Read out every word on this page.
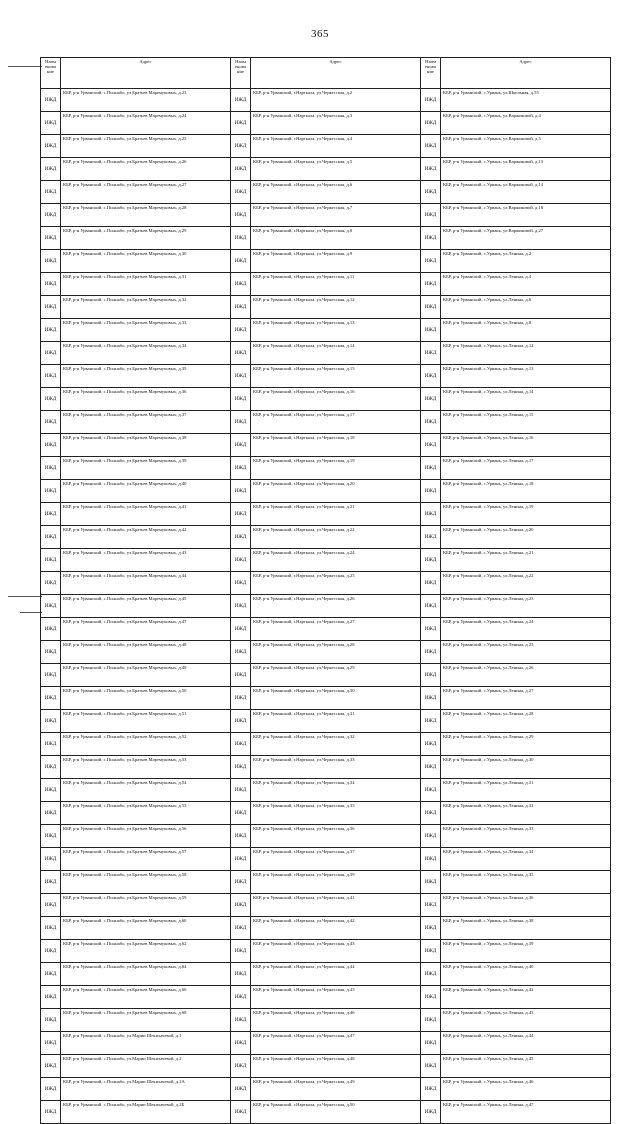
365
Наим енова ние	Адрес	Наим енова ние	Адрес	Наим енова ние	Адрес
ИЖД	КБР, р-н Урванский, с.Псынабо, ул.Братьев Маремуковых, д.23	ИЖД	КБР, р-н Урванский, г.Нарткала, ул.Черкесская, д.2	ИЖД	КБР, р-н Урванский, с.Урвань, ул.Школьная, д.55
ИЖД	КБР, р-н Урванский, с.Псынабо, ул.Братьев Маремуковых, д.24	ИЖД	КБР, р-н Урванский, г.Нарткала, ул.Черкесская, д.3	ИЖД	КБР, р-н Урванский, с.Урвань, ул.Варжиковой, д.4
ИЖД	КБР, р-н Урванский, с.Псынабо, ул.Братьев Маремуковых, д.25	ИЖД	КБР, р-н Урванский, г.Нарткала, ул.Черкесская, д.4	ИЖД	КБР, р-н Урванский, с.Урвань, ул.Варжиковой, д.5
ИЖД	КБР, р-н Урванский, с.Псынабо, ул.Братьев Маремуковых, д.26	ИЖД	КБР, р-н Урванский, г.Нарткала, ул.Черкесская, д.5	ИЖД	КБР, р-н Урванский, с.Урвань, ул.Варжиковой, д.13
ИЖД	КБР, р-н Урванский, с.Псынабо, ул.Братьев Маремуковых, д.27	ИЖД	КБР, р-н Урванский, г.Нарткала, ул.Черкесская, д.6	ИЖД	КБР, р-н Урванский, с.Урвань, ул.Варжиковой, д.14
ИЖД	КБР, р-н Урванский, с.Псынабо, ул.Братьев Маремуковых, д.28	ИЖД	КБР, р-н Урванский, г.Нарткала, ул.Черкесская, д.7	ИЖД	КБР, р-н Урванский, с.Урвань, ул.Варжиковой, д.18
ИЖД	КБР, р-н Урванский, с.Псынабо, ул.Братьев Маремуковых, д.29	ИЖД	КБР, р-н Урванский, г.Нарткала, ул.Черкесская, д.8	ИЖД	КБР, р-н Урванский, с.Урвань, ул.Варжиковой, д.27
ИЖД	КБР, р-н Урванский, с.Псынабо, ул.Братьев Маремуковых, д.30	ИЖД	КБР, р-н Урванский, г.Нарткала, ул.Черкесская, д.9	ИЖД	КБР, р-н Урванский, с.Урвань, ул.Ленина, д.2
ИЖД	КБР, р-н Урванский, с.Псынабо, ул.Братьев Маремуковых, д.31	ИЖД	КБР, р-н Урванский, г.Нарткала, ул.Черкесская, д.11	ИЖД	КБР, р-н Урванский, с.Урвань, ул.Ленина, д.4
ИЖД	КБР, р-н Урванский, с.Псынабо, ул.Братьев Маремуковых, д.32	ИЖД	КБР, р-н Урванский, г.Нарткала, ул.Черкесская, д.12	ИЖД	КБР, р-н Урванский, с.Урвань, ул.Ленина, д.6
ИЖД	КБР, р-н Урванский, с.Псынабо, ул.Братьев Маремуковых, д.33	ИЖД	КБР, р-н Урванский, г.Нарткала, ул.Черкесская, д.13	ИЖД	КБР, р-н Урванский, с.Урвань, ул.Ленина, д.8
ИЖД	КБР, р-н Урванский, с.Псынабо, ул.Братьев Маремуковых, д.34	ИЖД	КБР, р-н Урванский, г.Нарткала, ул.Черкесская, д.14	ИЖД	КБР, р-н Урванский, с.Урвань, ул.Ленина, д.12
ИЖД	КБР, р-н Урванский, с.Псынабо, ул.Братьев Маремуковых, д.35	ИЖД	КБР, р-н Урванский, г.Нарткала, ул.Черкесская, д.15	ИЖД	КБР, р-н Урванский, с.Урвань, ул.Ленина, д.13
ИЖД	КБР, р-н Урванский, с.Псынабо, ул.Братьев Маремуковых, д.36	ИЖД	КБР, р-н Урванский, г.Нарткала, ул.Черкесская, д.16	ИЖД	КБР, р-н Урванский, с.Урвань, ул.Ленина, д.14
ИЖД	КБР, р-н Урванский, с.Псынабо, ул.Братьев Маремуковых, д.37	ИЖД	КБР, р-н Урванский, г.Нарткала, ул.Черкесская, д.17	ИЖД	КБР, р-н Урванский, с.Урвань, ул.Ленина, д.15
ИЖД	КБР, р-н Урванский, с.Псынабо, ул.Братьев Маремуковых, д.38	ИЖД	КБР, р-н Урванский, г.Нарткала, ул.Черкесская, д.18	ИЖД	КБР, р-н Урванский, с.Урвань, ул.Ленина, д.16
ИЖД	КБР, р-н Урванский, с.Псынабо, ул.Братьев Маремуковых, д.39	ИЖД	КБР, р-н Урванский, г.Нарткала, ул.Черкесская, д.19	ИЖД	КБР, р-н Урванский, с.Урвань, ул.Ленина, д.17
ИЖД	КБР, р-н Урванский, с.Псынабо, ул.Братьев Маремуковых, д.40	ИЖД	КБР, р-н Урванский, г.Нарткала, ул.Черкесская, д.20	ИЖД	КБР, р-н Урванский, с.Урвань, ул.Ленина, д.18
ИЖД	КБР, р-н Урванский, с.Псынабо, ул.Братьев Маремуковых, д.41	ИЖД	КБР, р-н Урванский, г.Нарткала, ул.Черкесская, д.21	ИЖД	КБР, р-н Урванский, с.Урвань, ул.Ленина, д.19
ИЖД	КБР, р-н Урванский, с.Псынабо, ул.Братьев Маремуковых, д.42	ИЖД	КБР, р-н Урванский, г.Нарткала, ул.Черкесская, д.22	ИЖД	КБР, р-н Урванский, с.Урвань, ул.Ленина, д.20
ИЖД	КБР, р-н Урванский, с.Псынабо, ул.Братьев Маремуковых, д.43	ИЖД	КБР, р-н Урванский, г.Нарткала, ул.Черкесская, д.24	ИЖД	КБР, р-н Урванский, с.Урвань, ул.Ленина, д.21
ИЖД	КБР, р-н Урванский, с.Псынабо, ул.Братьев Маремуковых, д.44	ИЖД	КБР, р-н Урванский, г.Нарткала, ул.Черкесская, д.25	ИЖД	КБР, р-н Урванский, с.Урвань, ул.Ленина, д.22
ИЖД	КБР, р-н Урванский, с.Псынабо, ул.Братьев Маремуковых, д.45	ИЖД	КБР, р-н Урванский, г.Нарткала, ул.Черкесская, д.26	ИЖД	КБР, р-н Урванский, с.Урвань, ул.Ленина, д.23
ИЖД	КБР, р-н Урванский, с.Псынабо, ул.Братьев Маремуковых, д.47	ИЖД	КБР, р-н Урванский, г.Нарткала, ул.Черкесская, д.27	ИЖД	КБР, р-н Урванский, с.Урвань, ул.Ленина, д.24
ИЖД	КБР, р-н Урванский, с.Псынабо, ул.Братьев Маремуковых, д.48	ИЖД	КБР, р-н Урванский, г.Нарткала, ул.Черкесская, д.28	ИЖД	КБР, р-н Урванский, с.Урвань, ул.Ленина, д.25
ИЖД	КБР, р-н Урванский, с.Псынабо, ул.Братьев Маремуковых, д.49	ИЖД	КБР, р-н Урванский, г.Нарткала, ул.Черкесская, д.29	ИЖД	КБР, р-н Урванский, с.Урвань, ул.Ленина, д.26
ИЖД	КБР, р-н Урванский, с.Псынабо, ул.Братьев Маремуковых, д.50	ИЖД	КБР, р-н Урванский, г.Нарткала, ул.Черкесская, д.30	ИЖД	КБР, р-н Урванский, с.Урвань, ул.Ленина, д.27
ИЖД	КБР, р-н Урванский, с.Псынабо, ул.Братьев Маремуковых, д.51	ИЖД	КБР, р-н Урванский, г.Нарткала, ул.Черкесская, д.31	ИЖД	КБР, р-н Урванский, с.Урвань, ул.Ленина, д.28
ИЖД	КБР, р-н Урванский, с.Псынабо, ул.Братьев Маремуковых, д.52	ИЖД	КБР, р-н Урванский, г.Нарткала, ул.Черкесская, д.32	ИЖД	КБР, р-н Урванский, с.Урвань, ул.Ленина, д.29
ИЖД	КБР, р-н Урванский, с.Псынабо, ул.Братьев Маремуковых, д.53	ИЖД	КБР, р-н Урванский, г.Нарткала, ул.Черкесская, д.33	ИЖД	КБР, р-н Урванский, с.Урвань, ул.Ленина, д.30
ИЖД	КБР, р-н Урванский, с.Псынабо, ул.Братьев Маремуковых, д.54	ИЖД	КБР, р-н Урванский, г.Нарткала, ул.Черкесская, д.34	ИЖД	КБР, р-н Урванский, с.Урвань, ул.Ленина, д.31
ИЖД	КБР, р-н Урванский, с.Псынабо, ул.Братьев Маремуковых, д.55	ИЖД	КБР, р-н Урванский, г.Нарткала, ул.Черкесская, д.35	ИЖД	КБР, р-н Урванский, с.Урвань, ул.Ленина, д.32
ИЖД	КБР, р-н Урванский, с.Псынабо, ул.Братьев Маремуковых, д.56	ИЖД	КБР, р-н Урванский, г.Нарткала, ул.Черкесская, д.36	ИЖД	КБР, р-н Урванский, с.Урвань, ул.Ленина, д.33
ИЖД	КБР, р-н Урванский, с.Псынабо, ул.Братьев Маремуковых, д.57	ИЖД	КБР, р-н Урванский, г.Нарткала, ул.Черкесская, д.37	ИЖД	КБР, р-н Урванский, с.Урвань, ул.Ленина, д.34
ИЖД	КБР, р-н Урванский, с.Псынабо, ул.Братьев Маремуковых, д.58	ИЖД	КБР, р-н Урванский, г.Нарткала, ул.Черкесская, д.39	ИЖД	КБР, р-н Урванский, с.Урвань, ул.Ленина, д.35
ИЖД	КБР, р-н Урванский, с.Псынабо, ул.Братьев Маремуковых, д.59	ИЖД	КБР, р-н Урванский, г.Нарткала, ул.Черкесская, д.41	ИЖД	КБР, р-н Урванский, с.Урвань, ул.Ленина, д.36
ИЖД	КБР, р-н Урванский, с.Псынабо, ул.Братьев Маремуковых, д.60	ИЖД	КБР, р-н Урванский, г.Нарткала, ул.Черкесская, д.42	ИЖД	КБР, р-н Урванский, с.Урвань, ул.Ленина, д.38
ИЖД	КБР, р-н Урванский, с.Псынабо, ул.Братьев Маремуковых, д.62	ИЖД	КБР, р-н Урванский, г.Нарткала, ул.Черкесская, д.43	ИЖД	КБР, р-н Урванский, с.Урвань, ул.Ленина, д.39
ИЖД	КБР, р-н Урванский, с.Псынабо, ул.Братьев Маремуковых, д.64	ИЖД	КБР, р-н Урванский, г.Нарткала, ул.Черкесская, д.44	ИЖД	КБР, р-н Урванский, с.Урвань, ул.Ленина, д.40
ИЖД	КБР, р-н Урванский, с.Псынабо, ул.Братьев Маремуковых, д.66	ИЖД	КБР, р-н Урванский, г.Нарткала, ул.Черкесская, д.45	ИЖД	КБР, р-н Урванский, с.Урвань, ул.Ленина, д.42
ИЖД	КБР, р-н Урванский, с.Псынабо, ул.Братьев Маремуковых, д.68	ИЖД	КБР, р-н Урванский, г.Нарткала, ул.Черкесская, д.46	ИЖД	КБР, р-н Урванский, с.Урвань, ул.Ленина, д.43
ИЖД	КБР, р-н Урванский, с.Псынабо, ул.Марии Шекихачевой, д.1	ИЖД	КБР, р-н Урванский, г.Нарткала, ул.Черкесская, д.47	ИЖД	КБР, р-н Урванский, с.Урвань, ул.Ленина, д.44
ИЖД	КБР, р-н Урванский, с.Псынабо, ул.Марии Шекихачевой, д.2	ИЖД	КБР, р-н Урванский, г.Нарткала, ул.Черкесская, д.48	ИЖД	КБР, р-н Урванский, с.Урвань, ул.Ленина, д.45
ИЖД	КБР, р-н Урванский, с.Псынабо, ул.Марии Шекихачевой, д.2А	ИЖД	КБР, р-н Урванский, г.Нарткала, ул.Черкесская, д.49	ИЖД	КБР, р-н Урванский, с.Урвань, ул.Ленина, д.46
ИЖД	КБР, р-н Урванский, с.Псынабо, ул.Марии Шекихачевой, д.2Б	ИЖД	КБР, р-н Урванский, г.Нарткала, ул.Черкесская, д.50	ИЖД	КБР, р-н Урванский, с.Урвань, ул.Ленина, д.47
